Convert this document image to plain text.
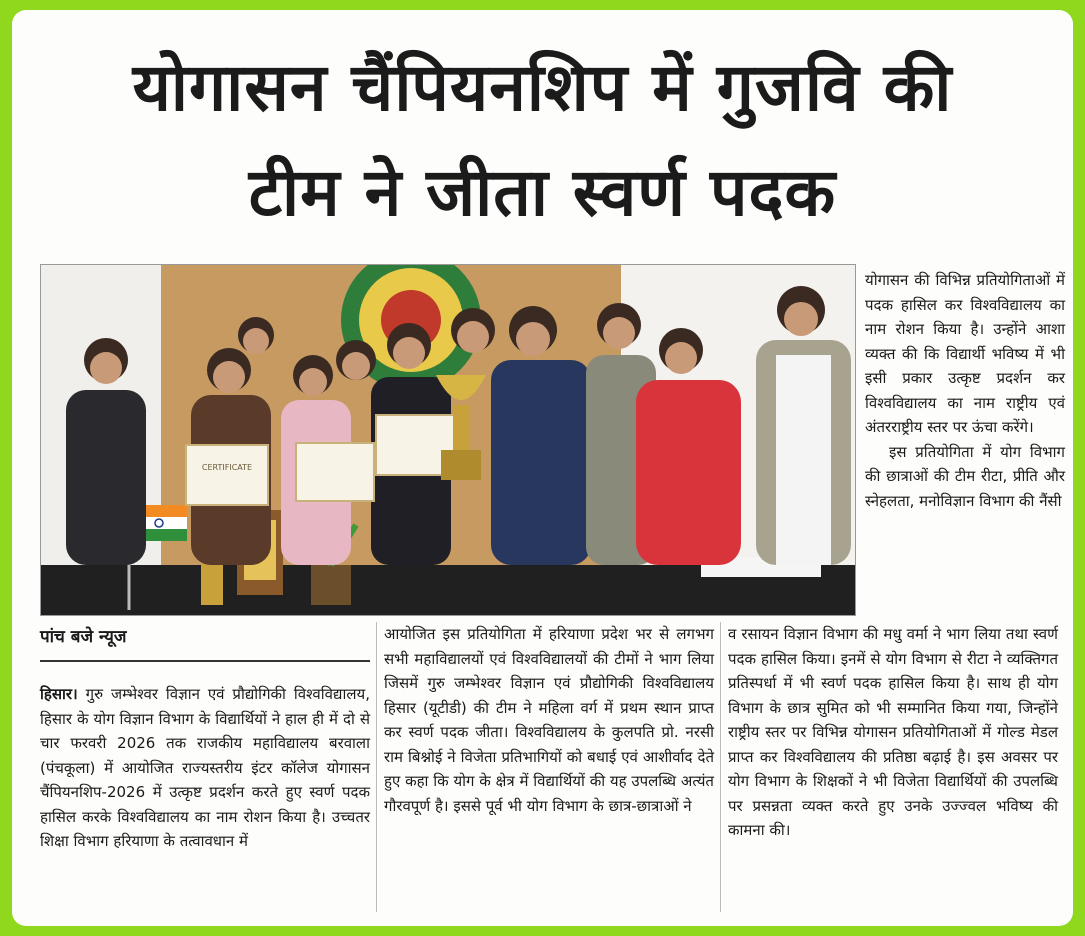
योगासन चैंपियनशिप में गुजवि की
टीम ने जीता स्वर्ण पदक
CERTIFICATE

योगासन की विभिन्न प्रतियोगिताओं में पदक हासिल कर विश्वविद्यालय का नाम रोशन किया है। उन्होंने आशा व्यक्त की कि विद्यार्थी भविष्य में भी इसी प्रकार उत्कृष्ट प्रदर्शन कर विश्वविद्यालय का नाम राष्ट्रीय एवं अंतरराष्ट्रीय स्तर पर ऊंचा करेंगे।

इस प्रतियोगिता में योग विभाग की छात्राओं की टीम रीटा, प्रीति और स्नेहलता, मनोविज्ञान विभाग की नैंसी

पांच बजे न्यूज

हिसार। गुरु जम्भेश्वर विज्ञान एवं प्रौद्योगिकी विश्वविद्यालय, हिसार के योग विज्ञान विभाग के विद्यार्थियों ने हाल ही में दो से चार फरवरी 2026 तक राजकीय महाविद्यालय बरवाला (पंचकूला) में आयोजित राज्यस्तरीय इंटर कॉलेज योगासन चैंपियनशिप-2026 में उत्कृष्ट प्रदर्शन करते हुए स्वर्ण पदक हासिल करके विश्वविद्यालय का नाम रोशन किया है। उच्चतर शिक्षा विभाग हरियाणा के तत्वावधान में

आयोजित इस प्रतियोगिता में हरियाणा प्रदेश भर से लगभग सभी महाविद्यालयों एवं विश्वविद्यालयों की टीमों ने भाग लिया जिसमें गुरु जम्भेश्वर विज्ञान एवं प्रौद्योगिकी विश्वविद्यालय हिसार (यूटीडी) की टीम ने महिला वर्ग में प्रथम स्थान प्राप्त कर स्वर्ण पदक जीता। विश्वविद्यालय के कुलपति प्रो. नरसी राम बिश्नोई ने विजेता प्रतिभागियों को बधाई एवं आशीर्वाद देते हुए कहा कि योग के क्षेत्र में विद्यार्थियों की यह उपलब्धि अत्यंत गौरवपूर्ण है। इससे पूर्व भी योग विभाग के छात्र-छात्राओं ने

व रसायन विज्ञान विभाग की मधु वर्मा ने भाग लिया तथा स्वर्ण पदक हासिल किया। इनमें से योग विभाग से रीटा ने व्यक्तिगत प्रतिस्पर्धा में भी स्वर्ण पदक हासिल किया है। साथ ही योग विभाग के छात्र सुमित को भी सम्मानित किया गया, जिन्होंने राष्ट्रीय स्तर पर विभिन्न योगासन प्रतियोगिताओं में गोल्ड मेडल प्राप्त कर विश्वविद्यालय की प्रतिष्ठा बढ़ाई है। इस अवसर पर योग विभाग के शिक्षकों ने भी विजेता विद्यार्थियों की उपलब्धि पर प्रसन्नता व्यक्त करते हुए उनके उज्ज्वल भविष्य की कामना की।
